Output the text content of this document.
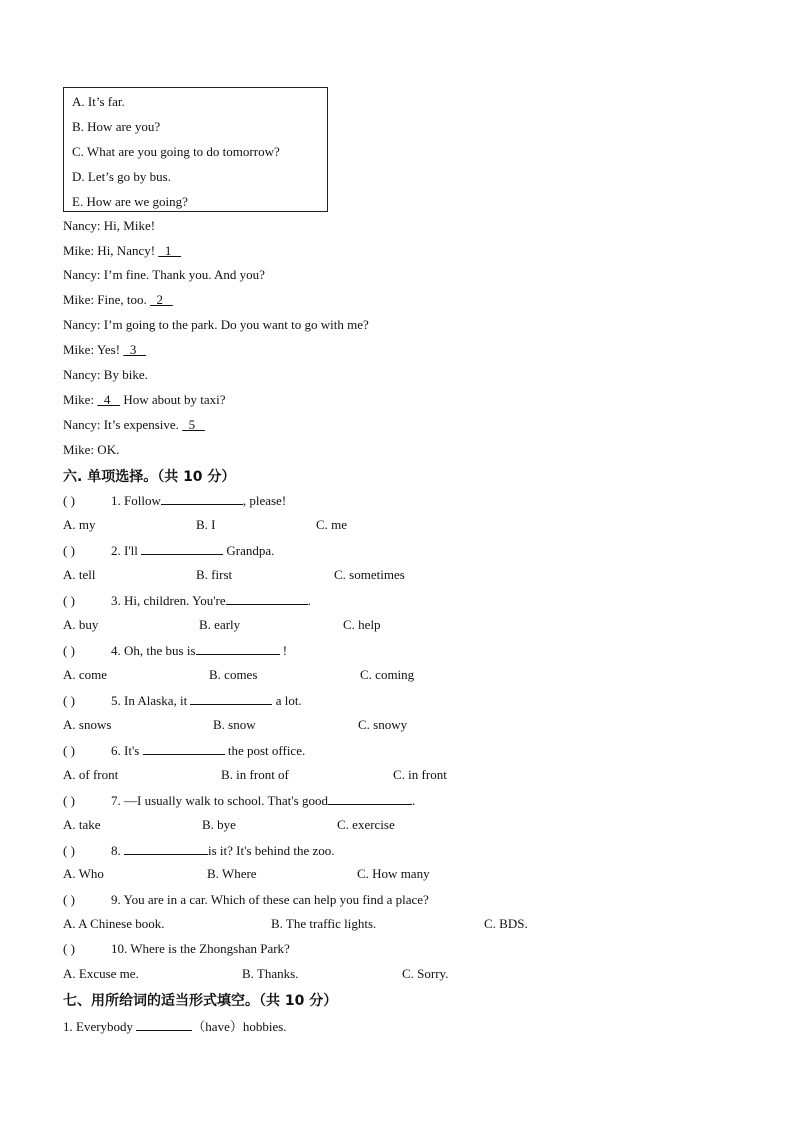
A. It’s far.
B. How are you?
C. What are you going to do tomorrow?
D. Let’s go by bus.
E. How are we going?
Nancy: Hi, Mike!
Mike: Hi, Nancy!   1
Nancy: I’m fine. Thank you. And you?
Mike: Fine, too.   2
Nancy: I’m going to the park. Do you want to go with me?
Mike: Yes!   3
Nancy: By bike.
Mike:   4    How about by taxi?
Nancy: It’s expensive.   5
Mike: OK.
六. 单项选择。（共 10 分）
( )	1. Follow	, please!
A. my	B. I	C. me
( )	2. I'll	Grandpa.
A. tell	B. first	C. sometimes
( )	3. Hi, children. You're	.
A. buy	B. early	C. help
( )	4. Oh, the bus is	!
A. come	B. comes	C. coming
( )	5. In Alaska, it	a lot.
A. snows	B. snow	C. snowy
( )	6. It's	the post office.
A. of front	B. in front of	C. in front
( )	7. —I usually walk to school. That's good	.
A. take	B. bye	C. exercise
( )	8.	is it? It's behind the zoo.
A. Who	B. Where	C. How many
( )	9. You are in a car. Which of these can help you find a place?
A. A Chinese book.	B. The traffic lights.	C. BDS.
( )	10. Where is the Zhongshan Park?
A. Excuse me.	B. Thanks.	C. Sorry.
七、用所给词的适当形式填空。（共 10 分）
1. Everybody	（have）hobbies.
